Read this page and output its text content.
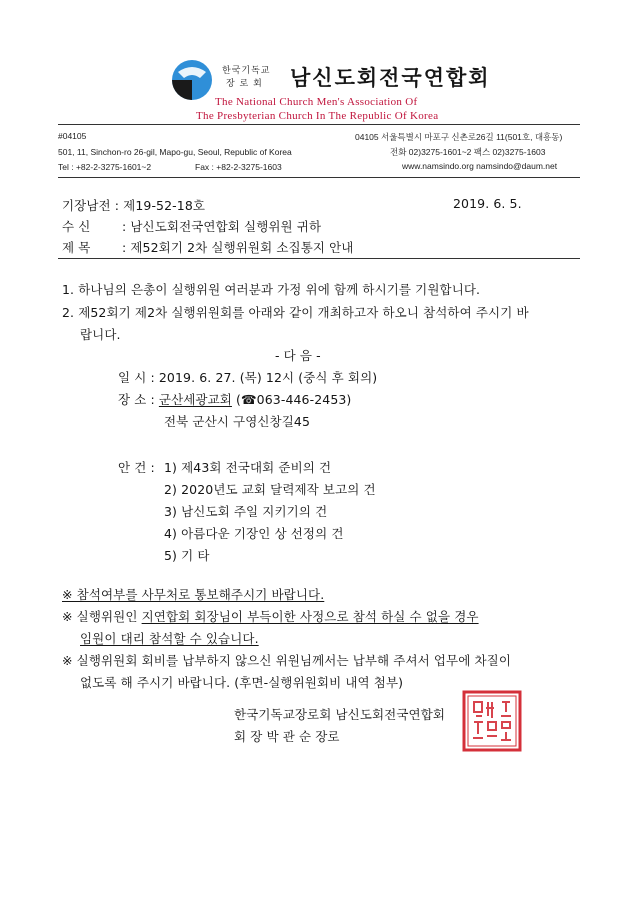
한국기독교
장 로 회 남신도회전국연합회
The National Church Men's Association Of
The Presbyterian Church In The Republic Of Korea
#04105
501, 11, Sinchon-ro 26-gil, Mapo-gu, Seoul, Republic of Korea
Tel : +82-2-3275-1601~2	Fax : +82-2-3275-1603
04105 서울특별시 마포구 신촌로26길 11(501호, 대흥동)
전화 02)3275-1601~2 팩스 02)3275-1603
www.namsindo.org namsindo@daum.net
기장남전 : 제19-52-18호	2019. 6. 5.
수 신	: 남신도회전국연합회 실행위원 귀하
제 목	: 제52회기 2차 실행위원회 소집통지 안내
1. 하나님의 은총이 실행위원 여러분과 가정 위에 함께 하시기를 기원합니다.
2. 제52회기 제2차 실행위원회를 아래와 같이 개최하고자 하오니 참석하여 주시기 바
랍니다.
- 다 음 -
일 시 : 2019. 6. 27. (목) 12시 (중식 후 회의)
장 소 : 군산세광교회 (☎063-446-2453)
전북 군산시 구영신창길45
안 건 : 1) 제43회 전국대회 준비의 건
2) 2020년도 교회 달력제작 보고의 건
3) 남신도회 주일 지키기의 건
4) 아름다운 기장인 상 선정의 건
5) 기 타
※ 참석여부를 사무처로 통보해주시기 바랍니다.
※ 실행위원인 지연합회 회장님이 부득이한 사정으로 참석 하실 수 없을 경우
임원이 대리 참석할 수 있습니다.
※ 실행위원회 회비를 납부하지 않으신 위원님께서는 납부해 주셔서 업무에 차질이
없도록 해 주시기 바랍니다. (후면-실행위원회비 내역 첨부)
한국기독교장로회 남신도회전국연합회
회 장 박 관 순 장로
